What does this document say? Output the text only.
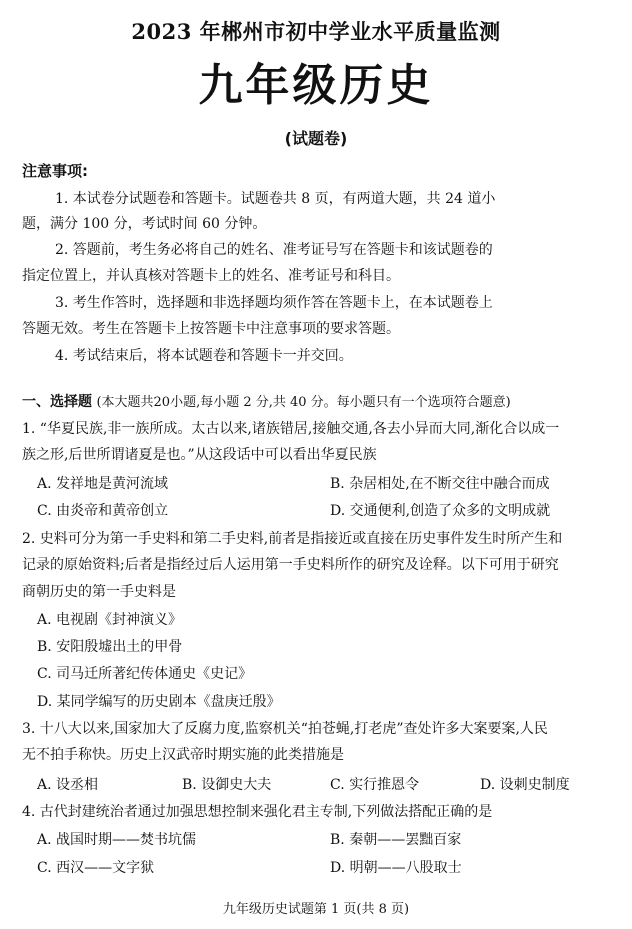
2023 年郴州市初中学业水平质量监测
九年级历史
(试题卷)
注意事项:
1. 本试卷分试题卷和答题卡。试题卷共 8 页，有两道大题，共 24 道小
题，满分 100 分，考试时间 60 分钟。
2. 答题前，考生务必将自己的姓名、准考证号写在答题卡和该试题卷的
指定位置上，并认真核对答题卡上的姓名、准考证号和科目。
3. 考生作答时，选择题和非选择题均须作答在答题卡上，在本试题卷上
答题无效。考生在答题卡上按答题卡中注意事项的要求答题。
4. 考试结束后，将本试题卷和答题卡一并交回。
一、选择题 (本大题共20小题,每小题 2 分,共 40 分。每小题只有一个选项符合题意)
1. “华夏民族,非一族所成。太古以来,诸族错居,接触交通,各去小异而大同,渐化合以成一
族之形,后世所谓诸夏是也。”从这段话中可以看出华夏民族
A. 发祥地是黄河流域	B. 杂居相处,在不断交往中融合而成
C. 由炎帝和黄帝创立	D. 交通便利,创造了众多的文明成就
2. 史料可分为第一手史料和第二手史料,前者是指接近或直接在历史事件发生时所产生和
记录的原始资料;后者是指经过后人运用第一手史料所作的研究及诠释。以下可用于研究
商朝历史的第一手史料是
A. 电视剧《封神演义》
B. 安阳殷墟出土的甲骨
C. 司马迁所著纪传体通史《史记》
D. 某同学编写的历史剧本《盘庚迁殷》
3. 十八大以来,国家加大了反腐力度,监察机关“拍苍蝇,打老虎”查处许多大案要案,人民
无不拍手称快。历史上汉武帝时期实施的此类措施是
A. 设丞相	B. 设御史大夫	C. 实行推恩令	D. 设刺史制度
4. 古代封建统治者通过加强思想控制来强化君主专制,下列做法搭配正确的是
A. 战国时期——焚书坑儒	B. 秦朝——罢黜百家
C. 西汉——文字狱	D. 明朝——八股取士
九年级历史试题第 1 页(共 8 页)
